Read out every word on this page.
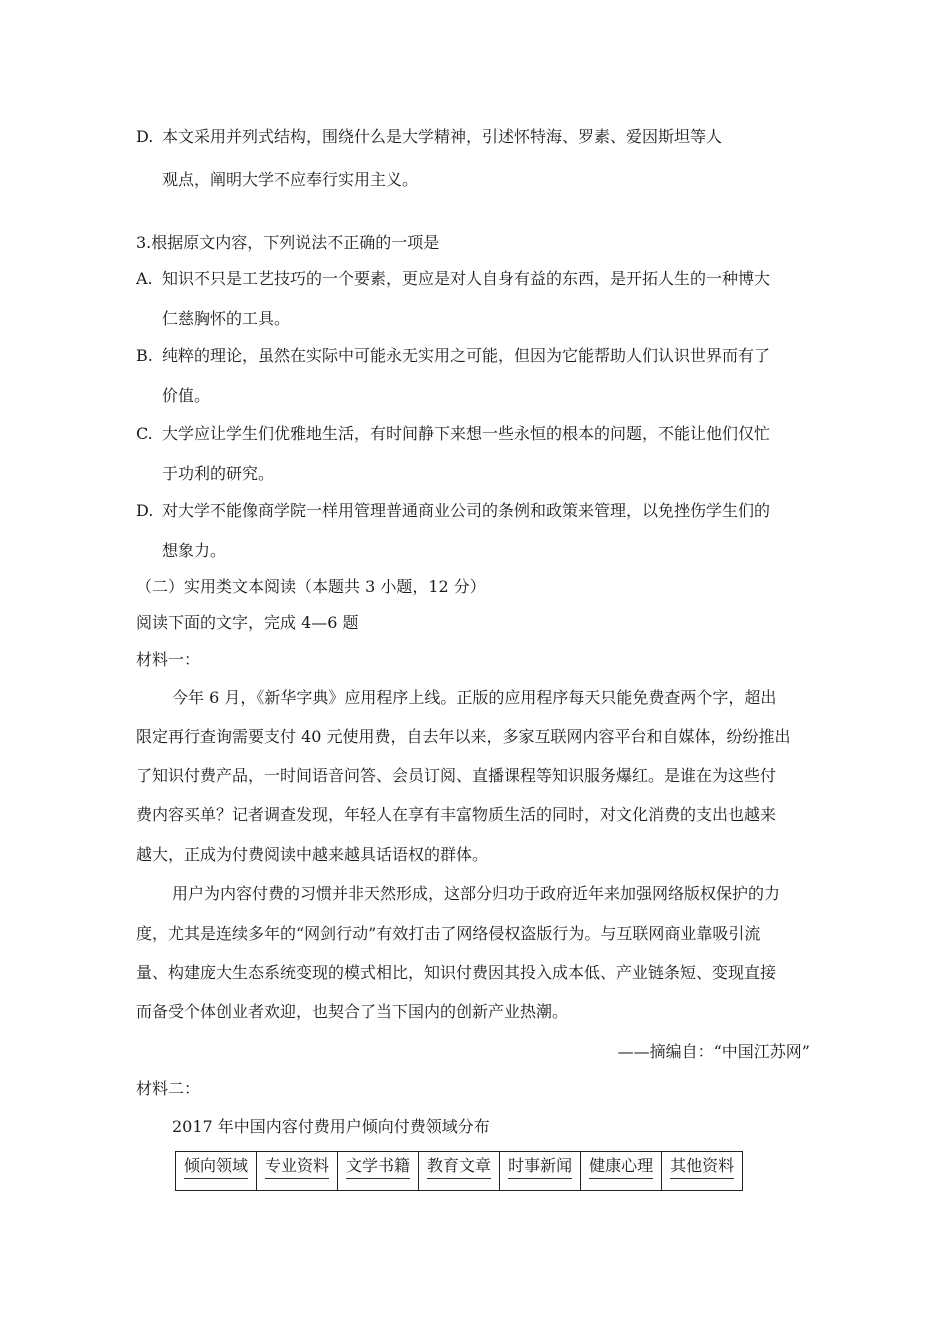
D. 本文采用并列式结构，围绕什么是大学精神，引述怀特海、罗素、爱因斯坦等人
观点，阐明大学不应奉行实用主义。
3.根据原文内容，下列说法不正确的一项是
A. 知识不只是工艺技巧的一个要素，更应是对人自身有益的东西，是开拓人生的一种博大
仁慈胸怀的工具。
B. 纯粹的理论，虽然在实际中可能永无实用之可能，但因为它能帮助人们认识世界而有了
价值。
C. 大学应让学生们优雅地生活，有时间静下来想一些永恒的根本的问题，不能让他们仅忙
于功利的研究。
D. 对大学不能像商学院一样用管理普通商业公司的条例和政策来管理，以免挫伤学生们的
想象力。
（二）实用类文本阅读（本题共 3 小题，12 分）
阅读下面的文字，完成 4—6 题
材料一：
今年 6 月，《新华字典》应用程序上线。正版的应用程序每天只能免费查两个字，超出
限定再行查询需要支付 40 元使用费，自去年以来，多家互联网内容平台和自媒体，纷纷推出
了知识付费产品，一时间语音问答、会员订阅、直播课程等知识服务爆红。是谁在为这些付
费内容买单？记者调查发现，年轻人在享有丰富物质生活的同时，对文化消费的支出也越来
越大，正成为付费阅读中越来越具话语权的群体。
用户为内容付费的习惯并非天然形成，这部分归功于政府近年来加强网络版权保护的力
度，尤其是连续多年的“网剑行动”有效打击了网络侵权盗版行为。与互联网商业靠吸引流
量、构建庞大生态系统变现的模式相比，知识付费因其投入成本低、产业链条短、变现直接
而备受个体创业者欢迎，也契合了当下国内的创新产业热潮。
——摘编自：“中国江苏网”
材料二：
2017 年中国内容付费用户倾向付费领域分布
倾向领域	专业资料	文学书籍	教育文章	时事新闻	健康心理	其他资料
